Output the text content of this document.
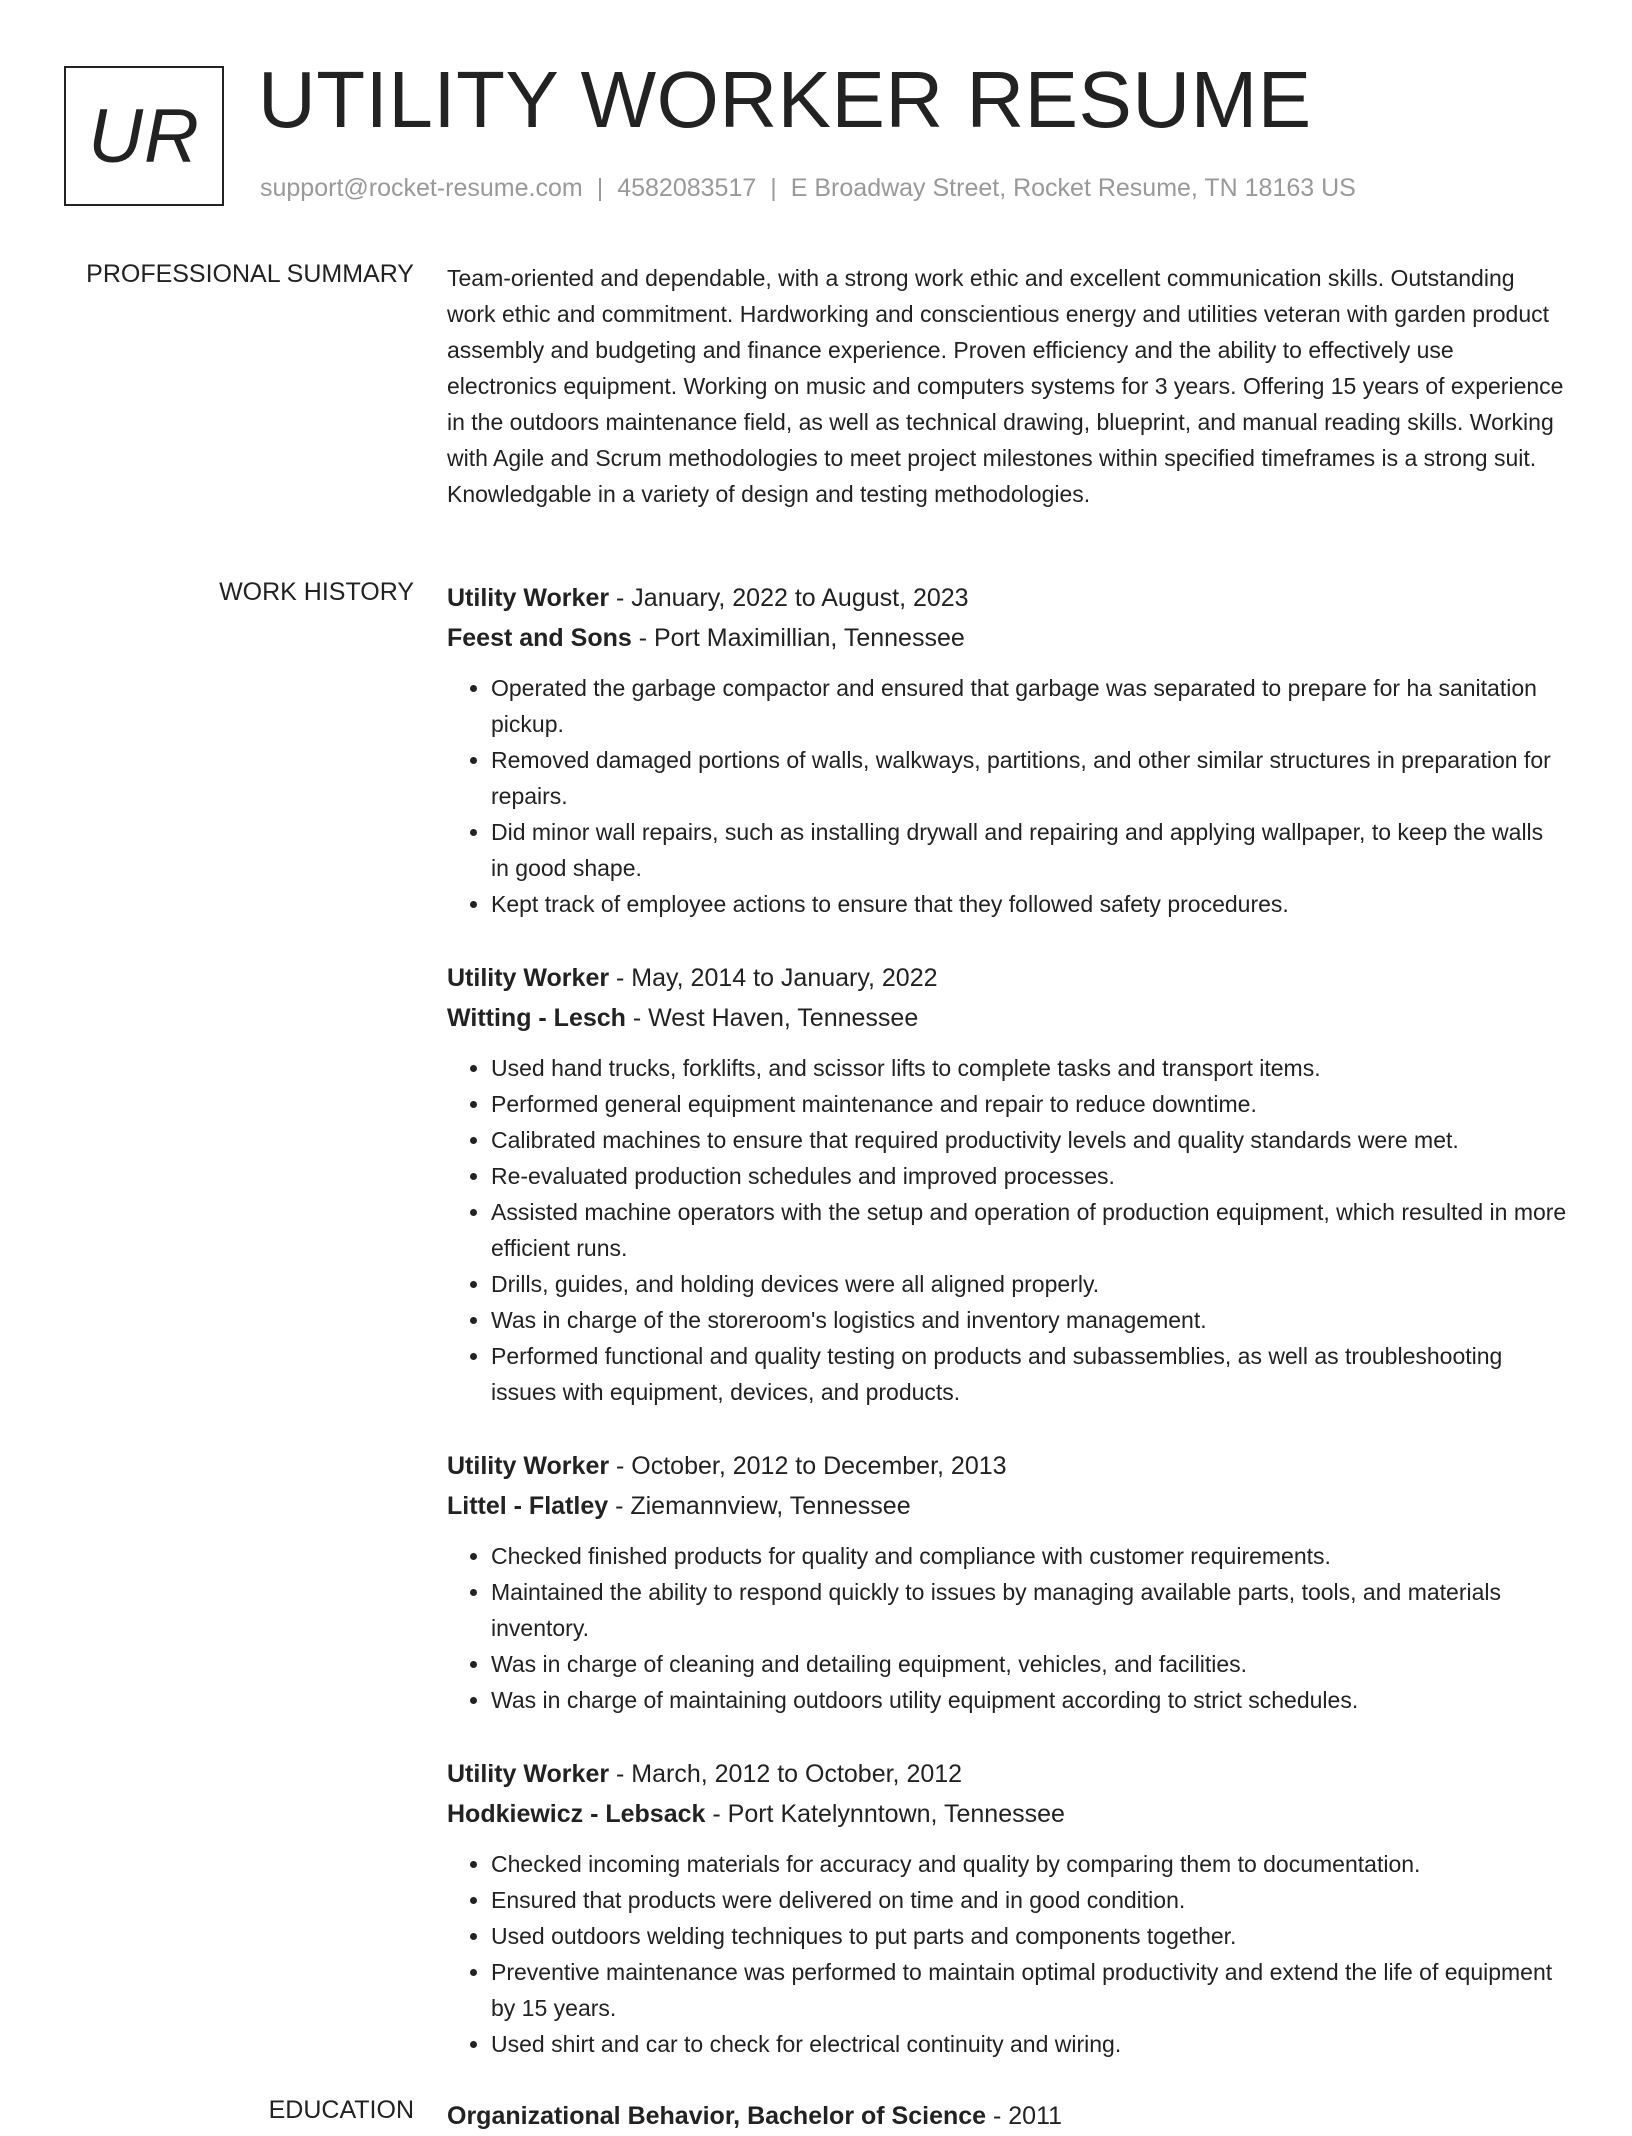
UR UTILITY WORKER RESUME
support@rocket-resume.com | 4582083517 | E Broadway Street, Rocket Resume, TN 18163 US
PROFESSIONAL SUMMARY Team-oriented and dependable, with a strong work ethic and excellent communication skills. Outstanding work ethic and commitment. Hardworking and conscientious energy and utilities veteran with garden product assembly and budgeting and finance experience. Proven efficiency and the ability to effectively use electronics equipment. Working on music and computers systems for 3 years. Offering 15 years of experience in the outdoors maintenance field, as well as technical drawing, blueprint, and manual reading skills. Working with Agile and Scrum methodologies to meet project milestones within specified timeframes is a strong suit. Knowledgable in a variety of design and testing methodologies.

WORK HISTORY Utility Worker - January, 2022 to August, 2023
Feest and Sons - Port Maximillian, Tennessee
• Operated the garbage compactor and ensured that garbage was separated to prepare for ha sanitation pickup.
• Removed damaged portions of walls, walkways, partitions, and other similar structures in preparation for repairs.
• Did minor wall repairs, such as installing drywall and repairing and applying wallpaper, to keep the walls in good shape.
• Kept track of employee actions to ensure that they followed safety procedures.
Utility Worker - May, 2014 to January, 2022
Witting - Lesch - West Haven, Tennessee
• Used hand trucks, forklifts, and scissor lifts to complete tasks and transport items.
• Performed general equipment maintenance and repair to reduce downtime.
• Calibrated machines to ensure that required productivity levels and quality standards were met.
• Re-evaluated production schedules and improved processes.
• Assisted machine operators with the setup and operation of production equipment, which resulted in more efficient runs.
• Drills, guides, and holding devices were all aligned properly.
• Was in charge of the storeroom's logistics and inventory management.
• Performed functional and quality testing on products and subassemblies, as well as troubleshooting issues with equipment, devices, and products.
Utility Worker - October, 2012 to December, 2013
Littel - Flatley - Ziemannview, Tennessee
• Checked finished products for quality and compliance with customer requirements.
• Maintained the ability to respond quickly to issues by managing available parts, tools, and materials inventory.
• Was in charge of cleaning and detailing equipment, vehicles, and facilities.
• Was in charge of maintaining outdoors utility equipment according to strict schedules.
Utility Worker - March, 2012 to October, 2012
Hodkiewicz - Lebsack - Port Katelynntown, Tennessee
• Checked incoming materials for accuracy and quality by comparing them to documentation.
• Ensured that products were delivered on time and in good condition.
• Used outdoors welding techniques to put parts and components together.
• Preventive maintenance was performed to maintain optimal productivity and extend the life of equipment by 15 years.
• Used shirt and car to check for electrical continuity and wiring.
EDUCATION Organizational Behavior, Bachelor of Science - 2011
